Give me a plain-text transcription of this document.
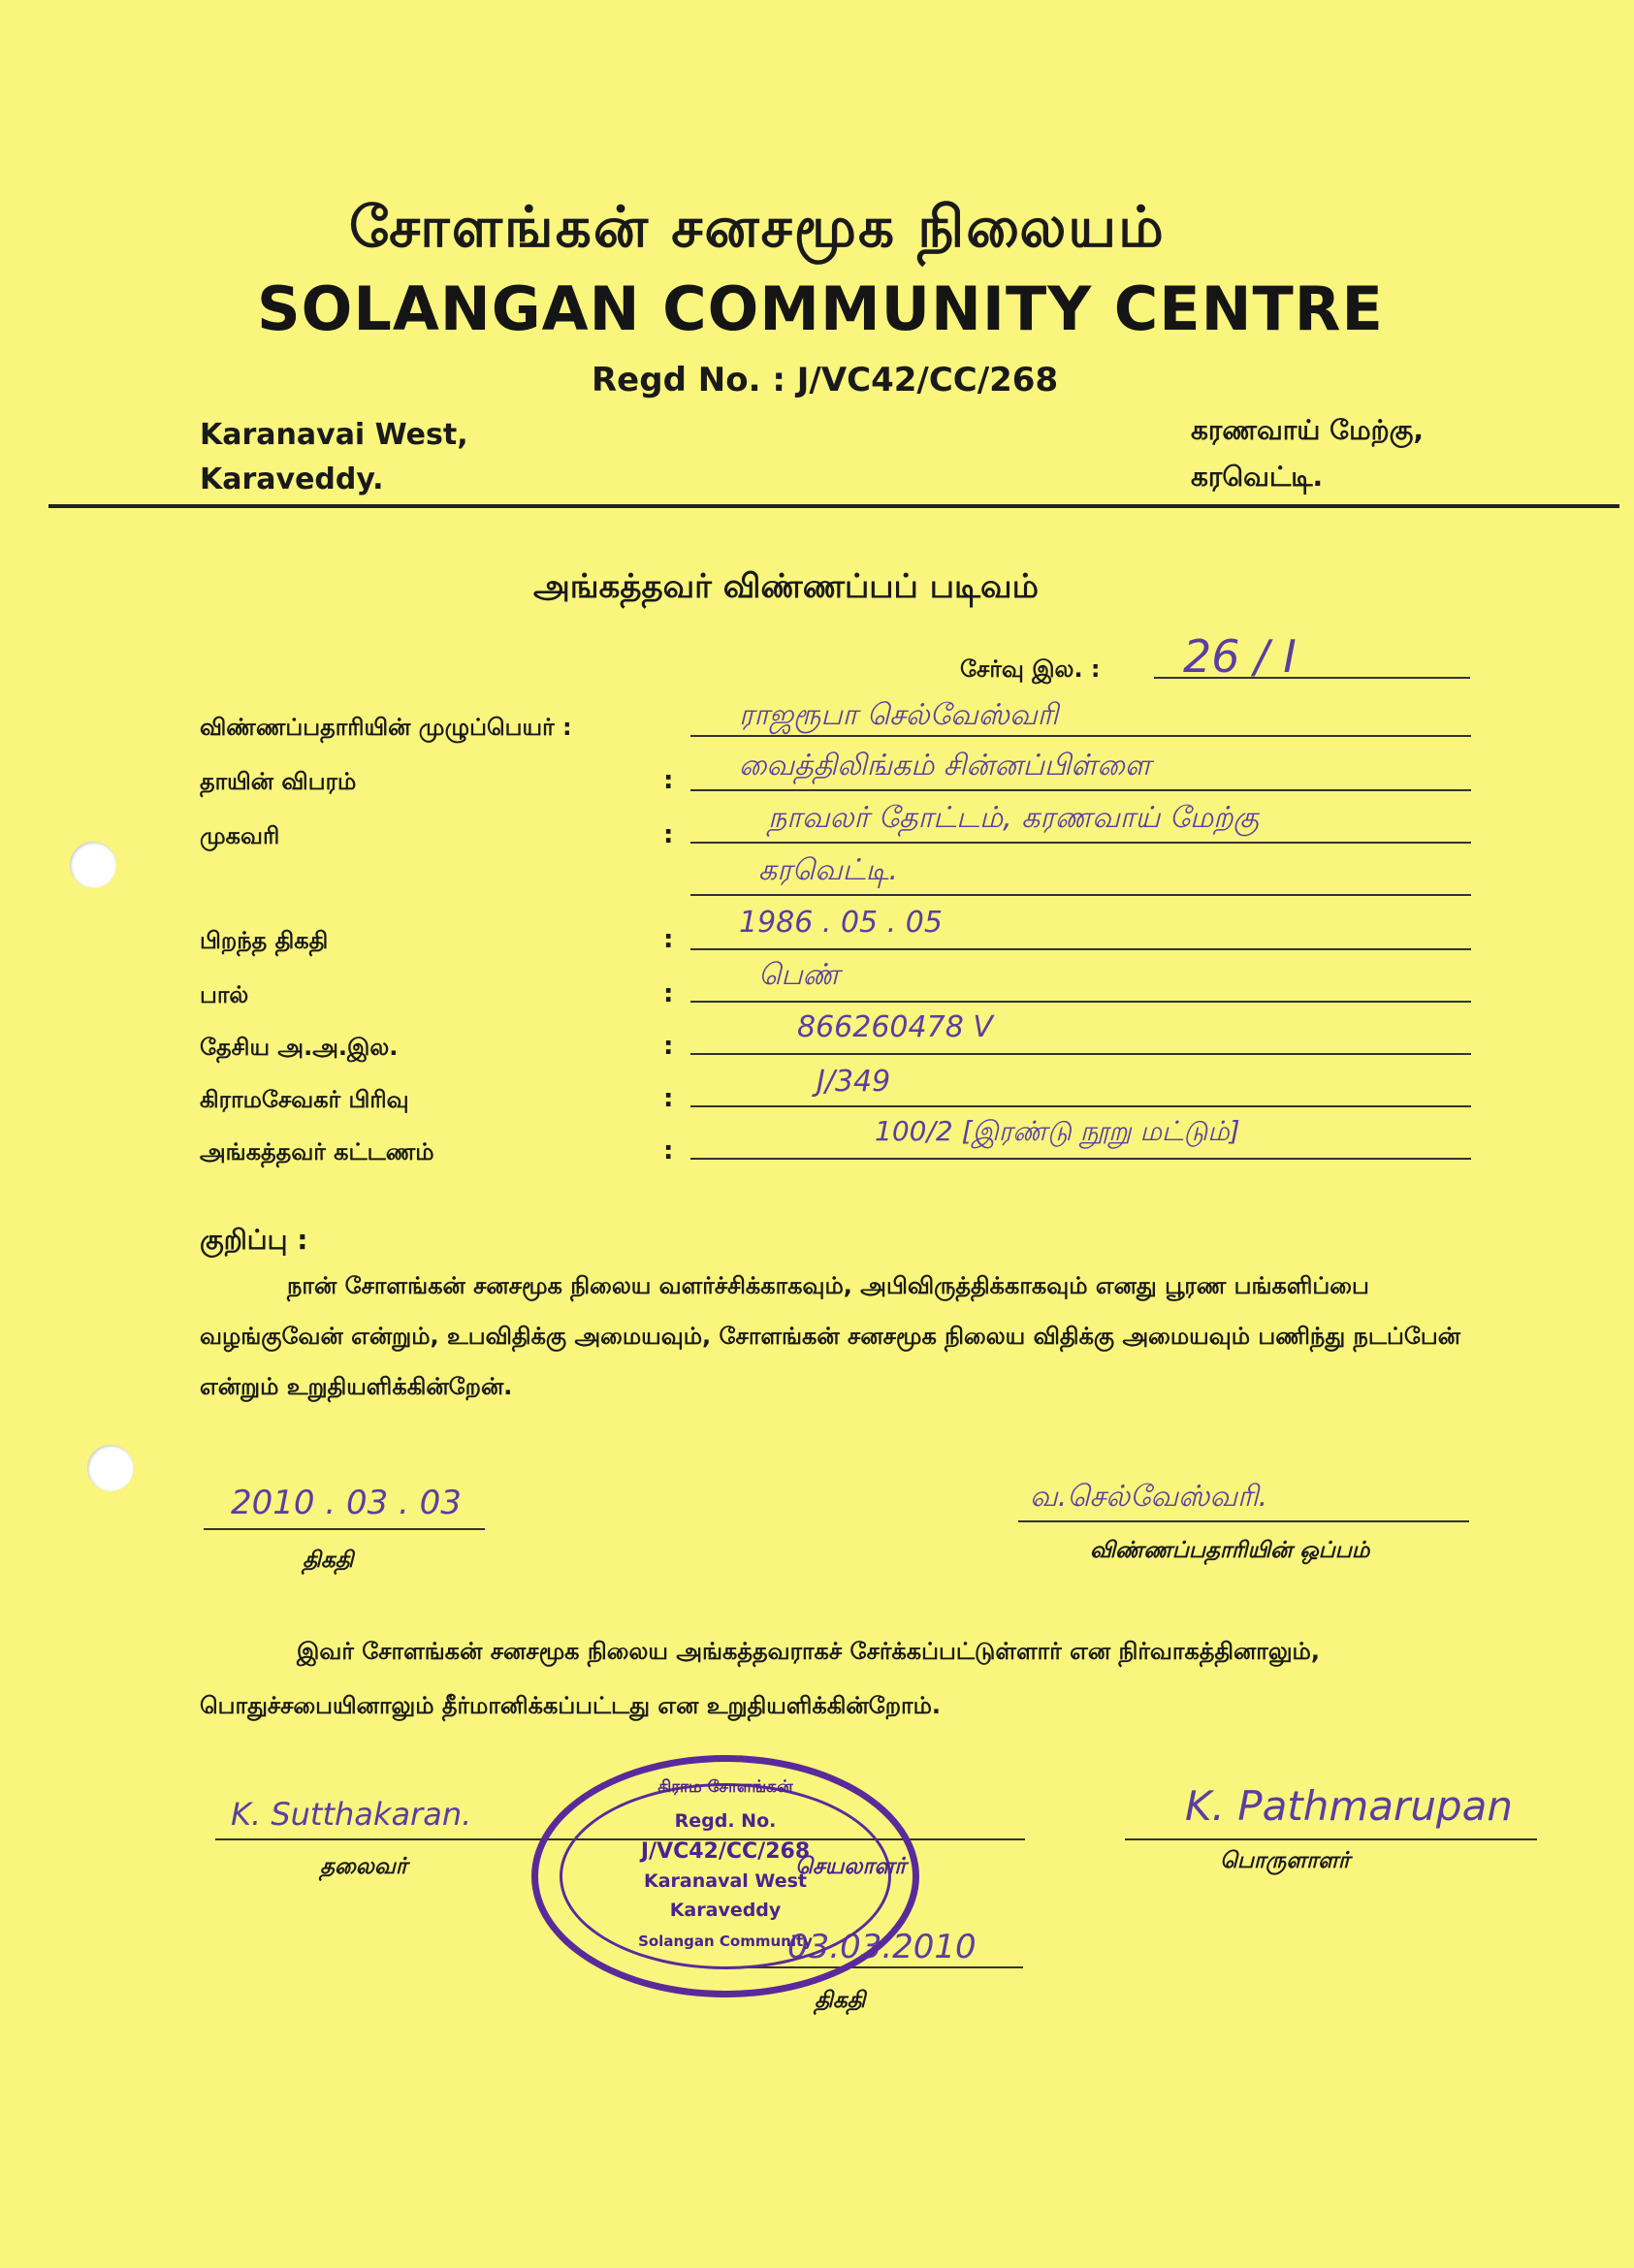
சோளங்கன் சனசமூக நிலையம்
SOLANGAN COMMUNITY CENTRE
Regd No. : J/VC42/CC/268
Karanavai West,
Karaveddy.
கரணவாய் மேற்கு,
கரவெட்டி.
அங்கத்தவர் விண்ணப்பப் படிவம்
சேர்வு இல. : 26 / I
விண்ணப்பதாரியின் முழுப்பெயர் :	ராஜரூபா செல்வேஸ்வரி
தாயின் விபரம்	: வைத்திலிங்கம் சின்னப்பிள்ளை
முகவரி	:	நாவலர் தோட்டம், கரணவாய் மேற்கு
கரவெட்டி.
பிறந்த திகதி	: 1986 . 05 . 05
பால்	:
பெண்
தேசிய அ.அ.இல.	:
866260478 V
கிராமசேவகர் பிரிவு	:	J/349
அங்கத்தவர் கட்டணம்	:
100/2 [இரண்டு நூறு மட்டும்]
குறிப்பு :
நான் சோளங்கன் சனசமூக நிலைய வளர்ச்சிக்காகவும், அபிவிருத்திக்காகவும் எனது பூரண பங்களிப்பை வழங்குவேன் என்றும், உபவிதிக்கு அமையவும், சோளங்கன் சனசமூக நிலைய விதிக்கு அமையவும் பணிந்து நடப்பேன் என்றும் உறுதியளிக்கின்றேன்.
2010 . 03 . 03
திகதி
வ.செல்வேஸ்வரி.
விண்ணப்பதாரியின் ஒப்பம்
இவர் சோளங்கன் சனசமூக நிலைய அங்கத்தவராகச் சேர்க்கப்பட்டுள்ளார் என நிர்வாகத்தினாலும், பொதுச்சபையினாலும் தீர்மானிக்கப்பட்டது என உறுதியளிக்கின்றோம்.
K. Sutthakaran.
தலைவர்
K. Pathmarupan
பொருளாளர்
03.03.2010
திகதி
கிராம சோளங்கன்
Regd. No.
J/VC42/CC/268
Karanaval West
Karaveddy
Solangan Community
செயலாளர்
